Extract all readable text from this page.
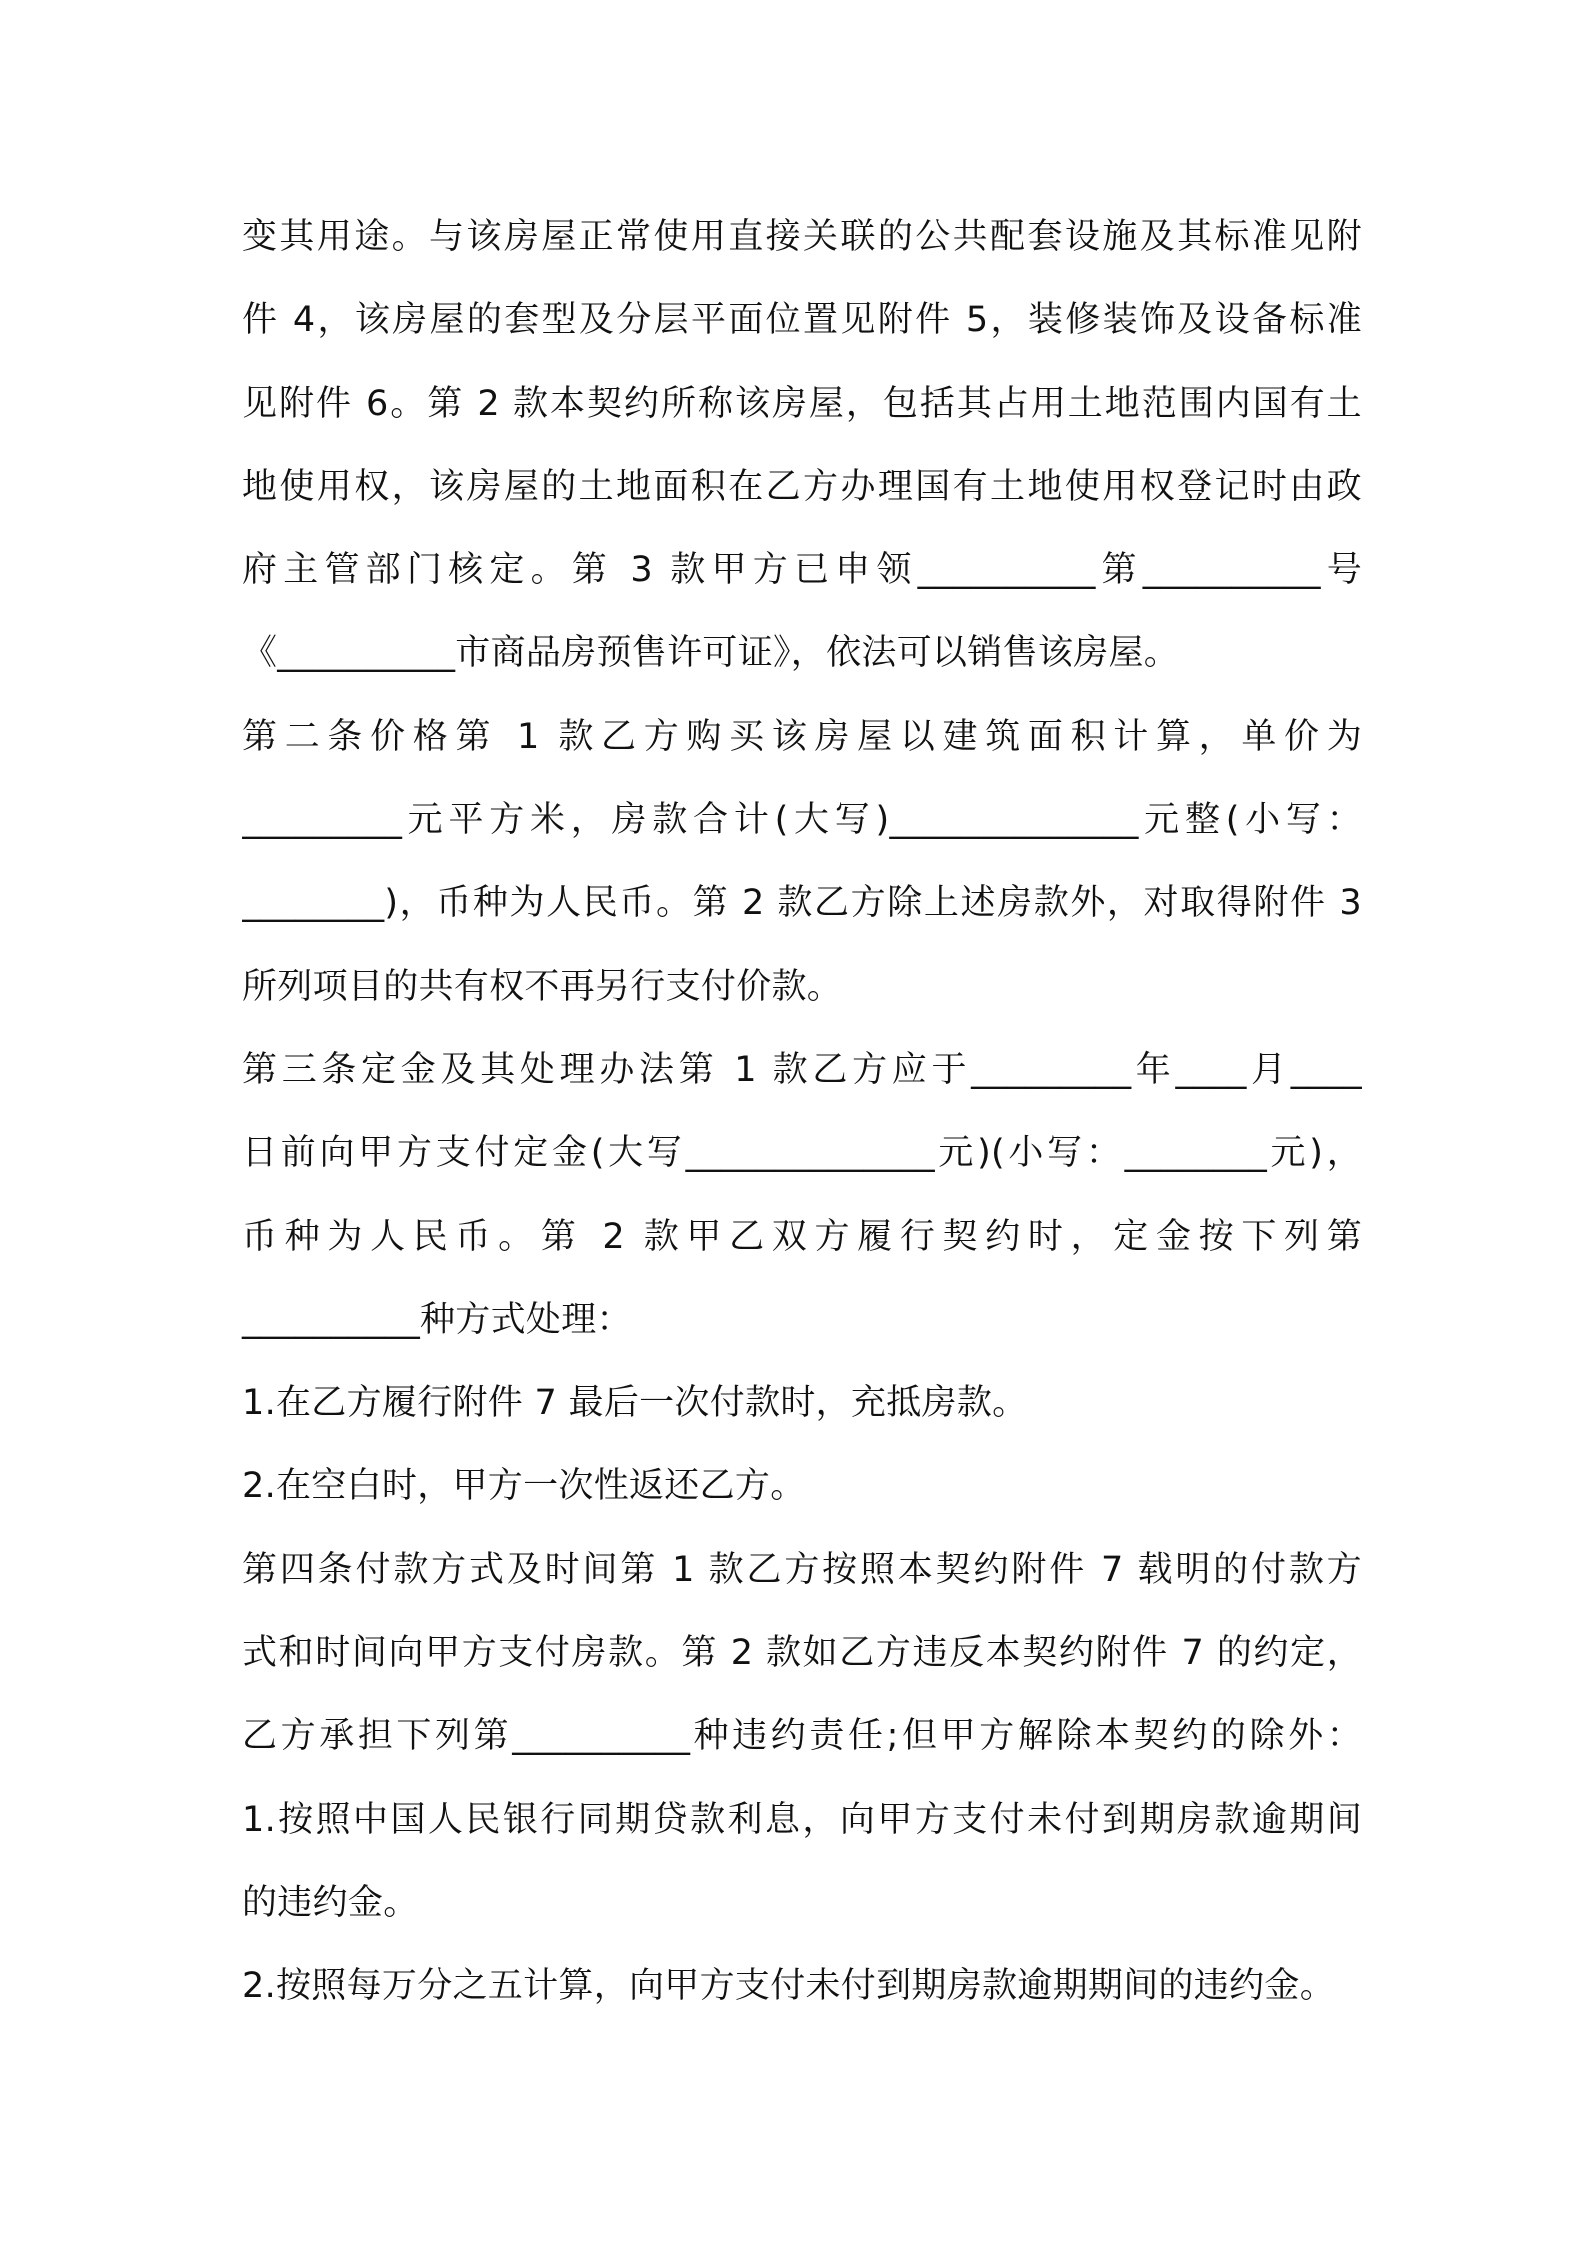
变其用途。与该房屋正常使用直接关联的公共配套设施及其标准见附
件 4，该房屋的套型及分层平面位置见附件 5，装修装饰及设备标准
见附件 6。第 2 款本契约所称该房屋，包括其占用土地范围内国有土
地使用权，该房屋的土地面积在乙方办理国有土地使用权登记时由政
府主管部门核定。第 3 款甲方已申领__________第__________号
《__________市商品房预售许可证》，依法可以销售该房屋。
第二条价格第 1 款乙方购买该房屋以建筑面积计算，单价为
_________元平方米，房款合计(大写)______________元整(小写：
________)，币种为人民币。第 2 款乙方除上述房款外，对取得附件 3
所列项目的共有权不再另行支付价款。
第三条定金及其处理办法第 1 款乙方应于_________年____月____
日前向甲方支付定金(大写______________元)(小写：________元)，
币种为人民币。第 2 款甲乙双方履行契约时，定金按下列第
__________种方式处理：
1.在乙方履行附件 7 最后一次付款时，充抵房款。
2.在空白时，甲方一次性返还乙方。
第四条付款方式及时间第 1 款乙方按照本契约附件 7 载明的付款方
式和时间向甲方支付房款。第 2 款如乙方违反本契约附件 7 的约定，
乙方承担下列第__________种违约责任;但甲方解除本契约的除外：
1.按照中国人民银行同期贷款利息，向甲方支付未付到期房款逾期间
的违约金。
2.按照每万分之五计算，向甲方支付未付到期房款逾期期间的违约金。
